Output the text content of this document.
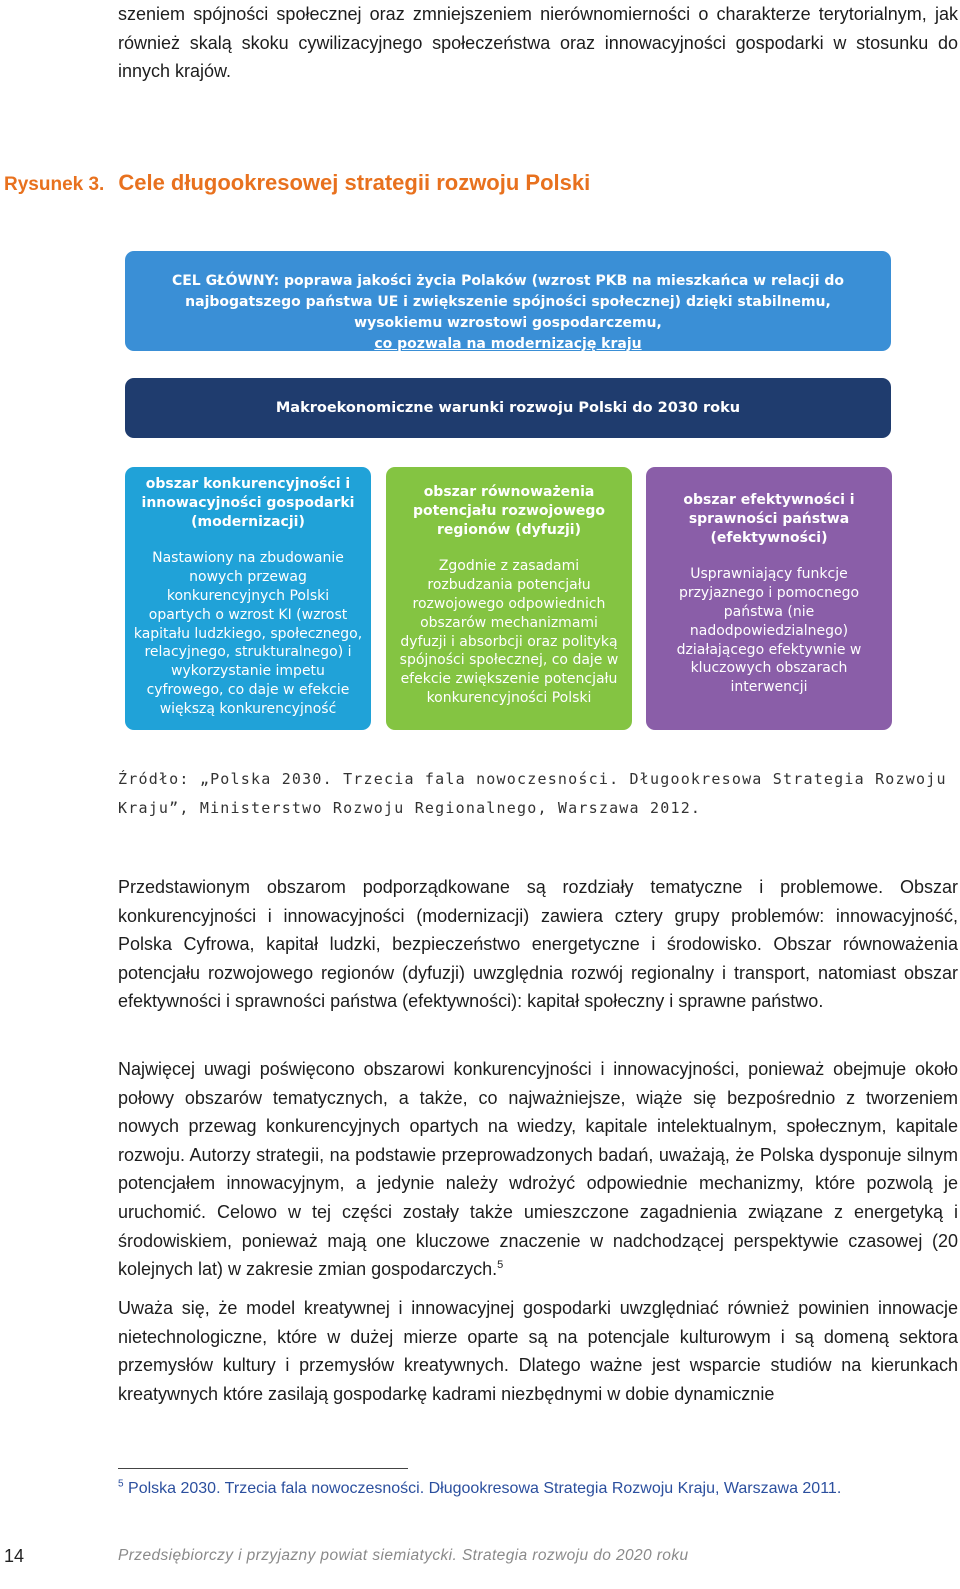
szeniem spójności społecznej oraz zmniejszeniem nierównomierności o charakterze terytorialnym, jak również skalą skoku cywilizacyjnego społeczeństwa oraz innowacyjności gospodarki w stosunku do innych krajów.

Rysunek 3. Cele długookresowej strategii rozwoju Polski
CEL GŁÓWNY: poprawa jakości życia Polaków (wzrost PKB na mieszkańca w relacji do najbogatszego państwa UE i zwiększenie spójności społecznej) dzięki stabilnemu, wysokiemu wzrostowi gospodarczemu,
co pozwala na modernizację kraju
Makroekonomiczne warunki rozwoju Polski do 2030 roku
obszar konkurencyjności i
innowacyjności gospodarki
(modernizacji)
Nastawiony na zbudowanie
nowych przewag
konkurencyjnych Polski
opartych o wzrost KI (wzrost
kapitału ludzkiego, społecznego,
relacyjnego, strukturalnego) i
wykorzystanie impetu
cyfrowego, co daje w efekcie
większą konkurencyjność
obszar równoważenia
potencjału rozwojowego
regionów (dyfuzji)
Zgodnie z zasadami
rozbudzania potencjału
rozwojowego odpowiednich
obszarów mechanizmami
dyfuzji i absorbcji oraz polityką
spójności społecznej, co daje w
efekcie zwiększenie potencjału
konkurencyjności Polski
obszar efektywności i
sprawności państwa
(efektywności)
Usprawniający funkcje
przyjaznego i pomocnego
państwa (nie
nadodpowiedzialnego)
działającego efektywnie w
kluczowych obszarach
interwencji

Źródło: „Polska 2030. Trzecia fala nowoczesności. Długookresowa Strategia Rozwoju Kraju”, Ministerstwo Rozwoju Regionalnego, Warszawa 2012.

Przedstawionym obszarom podporządkowane są rozdziały tematyczne i problemowe. Obszar konkurencyjności i innowacyjności (modernizacji) zawiera cztery grupy problemów: innowacyjność, Polska Cyfrowa, kapitał ludzki, bezpieczeństwo energetyczne i środowisko. Obszar równoważenia potencjału rozwojowego regionów (dyfuzji) uwzględnia rozwój regionalny i transport, natomiast obszar efektywności i sprawności państwa (efektywności): kapitał społeczny i sprawne państwo.

Najwięcej uwagi poświęcono obszarowi konkurencyjności i innowacyjności, ponieważ obejmuje około połowy obszarów tematycznych, a także, co najważniejsze, wiąże się bezpośrednio z tworzeniem nowych przewag konkurencyjnych opartych na wiedzy, kapitale intelektualnym, społecznym, kapitale rozwoju. Autorzy strategii, na podstawie przeprowadzonych badań, uważają, że Polska dysponuje silnym potencjałem innowacyjnym, a jedynie należy wdrożyć odpowiednie mechanizmy, które pozwolą je uruchomić. Celowo w tej części zostały także umieszczone zagadnienia związane z energetyką i środowiskiem, ponieważ mają one kluczowe znaczenie w nadchodzącej perspektywie czasowej (20 kolejnych lat) w zakresie zmian gospodarczych.$^5$

Uważa się, że model kreatywnej i innowacyjnej gospodarki uwzględniać również powinien innowacje nietechnologiczne, które w dużej mierze oparte są na potencjale kulturowym i są domeną sektora przemysłów kultury i przemysłów kreatywnych. Dlatego ważne jest wsparcie studiów na kierunkach kreatywnych które zasilają gospodarkę kadrami niezbędnymi w dobie dynamicznie

$^5$ Polska 2030. Trzecia fala nowoczesności. Długookresowa Strategia Rozwoju Kraju, Warszawa 2011.

14	Przedsiębiorczy i przyjazny powiat siemiatycki. Strategia rozwoju do 2020 roku
